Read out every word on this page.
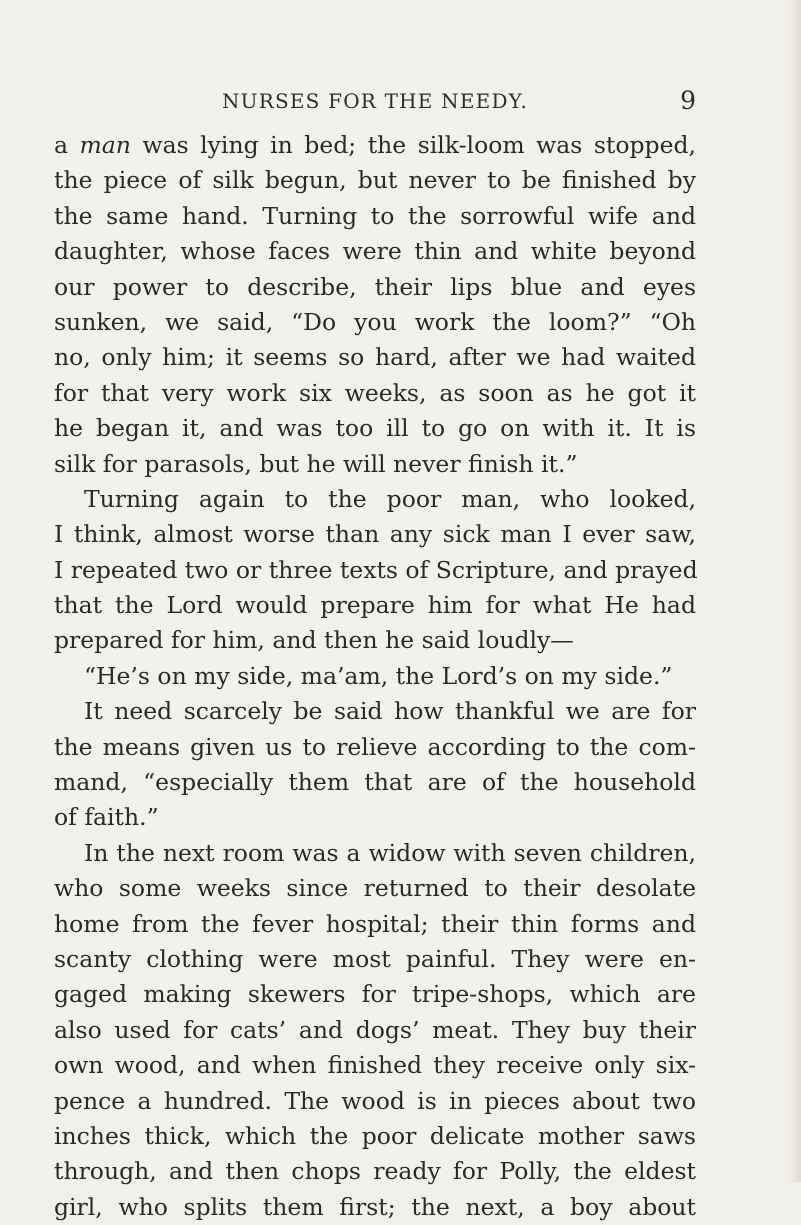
NURSES FOR THE NEEDY.	9
a man was lying in bed; the silk-loom was stopped,
the piece of silk begun, but never to be finished by
the same hand. Turning to the sorrowful wife and
daughter, whose faces were thin and white beyond
our power to describe, their lips blue and eyes
sunken, we said, “Do you work the loom?” “Oh
no, only him; it seems so hard, after we had waited
for that very work six weeks, as soon as he got it
he began it, and was too ill to go on with it. It is
silk for parasols, but he will never finish it.”
Turning again to the poor man, who looked,
I think, almost worse than any sick man I ever saw,
I repeated two or three texts of Scripture, and prayed
that the Lord would prepare him for what He had
prepared for him, and then he said loudly—
“He’s on my side, ma’am, the Lord’s on my side.”
It need scarcely be said how thankful we are for
the means given us to relieve according to the com-
mand, “especially them that are of the household
of faith.”
In the next room was a widow with seven children,
who some weeks since returned to their desolate
home from the fever hospital; their thin forms and
scanty clothing were most painful. They were en-
gaged making skewers for tripe-shops, which are
also used for cats’ and dogs’ meat. They buy their
own wood, and when finished they receive only six-
pence a hundred. The wood is in pieces about two
inches thick, which the poor delicate mother saws
through, and then chops ready for Polly, the eldest
girl, who splits them first; the next, a boy about
